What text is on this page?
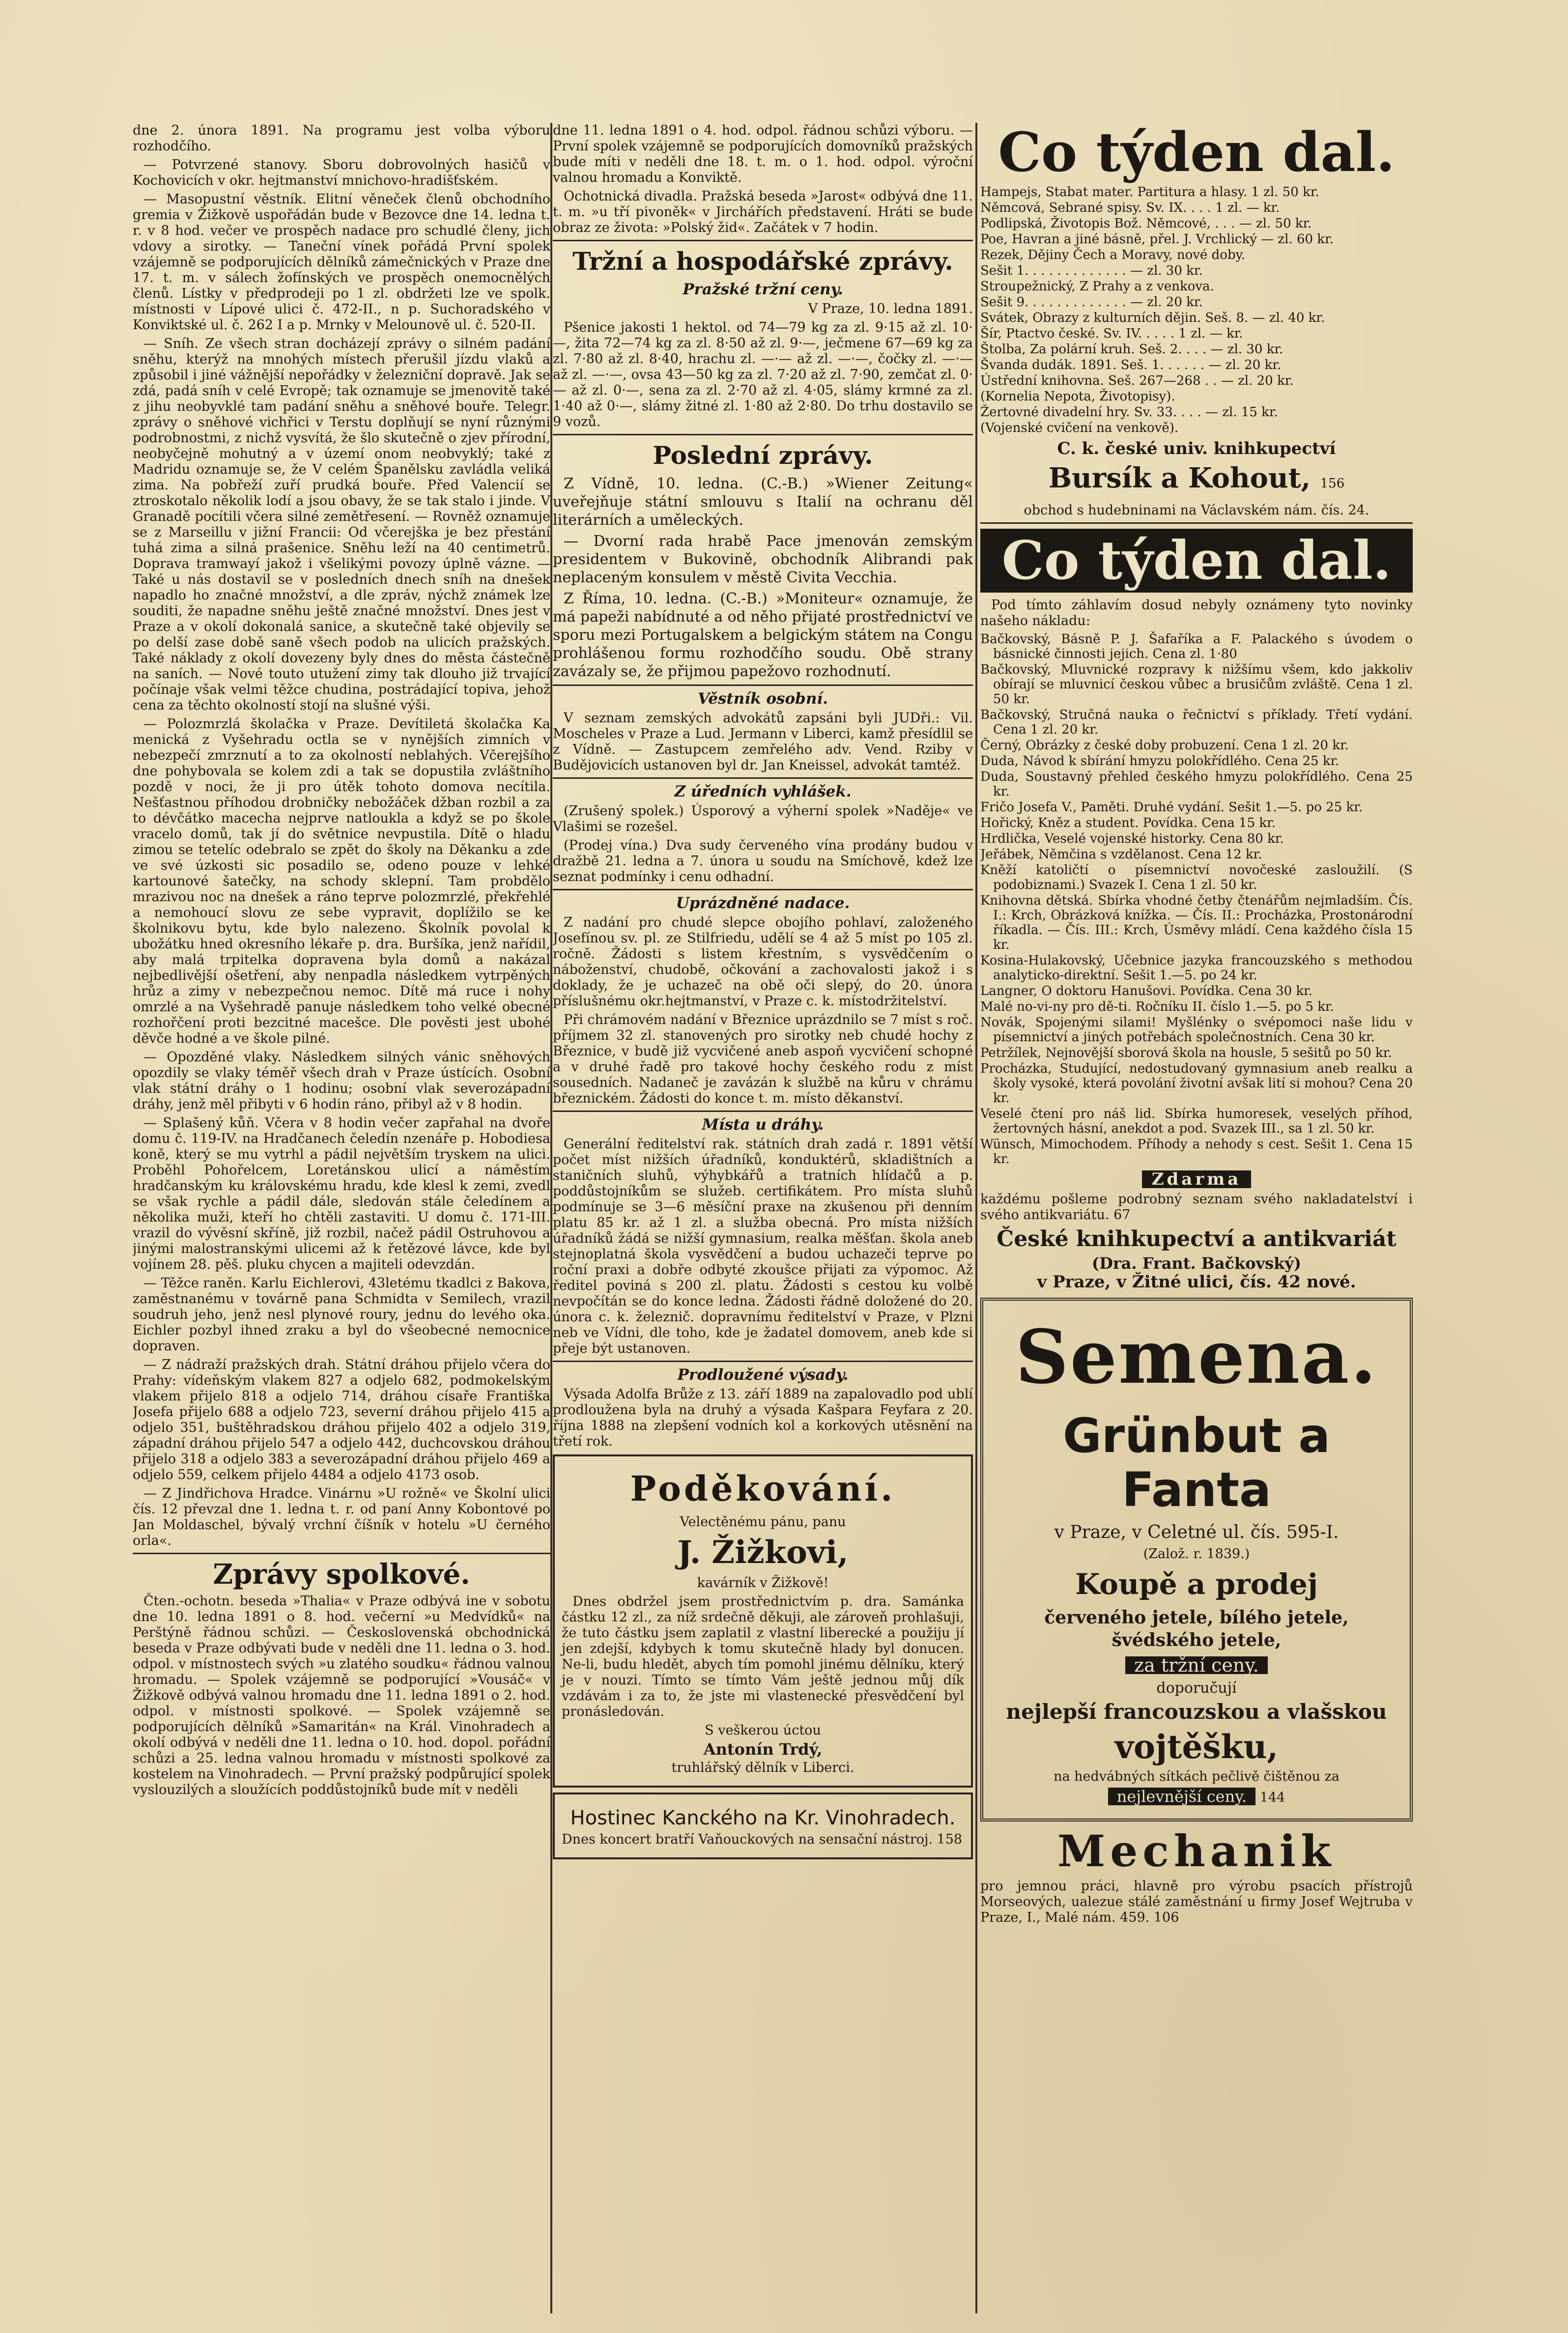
dne 2. února 1891. Na programu jest volba výboru rozhodčího.

— Potvrzené stanovy. Sboru dobrovolných hasičů v Kochovicích v okr. hejtmanství mnichovo-hradišťském.

— Masopustní věstník. Elitní věneček členů obchodního gremia v Žižkově uspořádán bude v Bezovce dne 14. ledna t. r. v 8 hod. večer ve prospěch nadace pro schudlé členy, jich vdovy a sirotky. — Taneční vínek pořádá První spolek vzájemně se podporujících dělníků zámečnických v Praze dne 17. t. m. v sálech žofínských ve prospěch onemocnělých členů. Lístky v předprodeji po 1 zl. obdržeti lze ve spolk. místnosti v Lípové ulici č. 472-II., n p. Suchoradského v Konviktské ul. č. 262 I a p. Mrnky v Melounově ul. č. 520-II.

— Sníh. Ze všech stran docházejí zprávy o silném padání sněhu, kterýž na mnohých místech přerušil jízdu vlaků a způsobil i jiné vážnější nepořádky v železniční dopravě. Jak se zdá, padá sníh v celé Evropě; tak oznamuje se jmenovitě také z jihu neobyvklé tam padání sněhu a sněhové bouře. Telegr. zprávy o sněhové vichřici v Terstu doplňují se nyní různými podrobnostmi, z nichž vysvítá, že šlo skutečně o zjev přírodní, neobyčejně mohutný a v území onom neobvyklý; také z Madridu oznamuje se, že V celém Španělsku zavládla veliká zima. Na pobřeží zuří prudká bouře. Před Valencií se ztroskotalo několik lodí a jsou obavy, že se tak stalo i jinde. V Granadě pocítili včera silné zemětřesení. — Rovněž oznamuje se z Marseillu v jižní Francii: Od včerejška je bez přestání tuhá zima a silná prašenice. Sněhu leží na 40 centimetrů. Doprava tramwayí jakož i všelikými povozy úplně vázne. — Také u nás dostavil se v posledních dnech sníh na dnešek napadlo ho značné množství, a dle zpráv, nýchž známek lze souditi, že napadne sněhu ještě značné množství. Dnes jest v Praze a v okolí dokonalá sanice, a skutečně také objevily se po delší zase době saně všech podob na ulicích pražských. Také náklady z okolí dovezeny byly dnes do města částečně na saních. — Nové touto utužení zimy tak dlouho již trvající počínaje však velmi těžce chudina, postrádající topiva, jehož cena za těchto okolností stojí na slušné výši.

— Polozmrzlá školačka v Praze. Devítiletá školačka Ka menická z Vyšehradu octla se v nynějších zimních v nebezpečí zmrznutí a to za okolností neblahých. Včerejšího dne pohybovala se kolem zdi a tak se dopustila zvláštního pozdě v noci, že ji pro útěk tohoto domova necítila. Nešťastnou příhodou drobničky nebožáček džban rozbil a za to dévčátko macecha nejprve natloukla a když se po škole vracelo domů, tak jí do světnice nevpustila. Dítě o hladu zimou se tetelíc odebralo se zpět do školy na Děkanku a zde ve své úzkosti sic posadilo se, odeno pouze v lehké kartounové šatečky, na schody sklepní. Tam probdělo mrazivou noc na dnešek a ráno teprve polozmrzlé, překřehlé a nemohoucí slovu ze sebe vypravit, doplížilo se ke školnikovu bytu, kde bylo nalezeno. Školník povolal k ubožátku hned okresního lékaře p. dra. Buršíka, jenž nařídil, aby malá trpitelka dopravena byla domů a nakázal nejbedlivější ošetření, aby nenpadla následkem vytrpěných hrůz a zimy v nebezpečnou nemoc. Dítě má ruce i nohy omrzlé a na Vyšehradě panuje následkem toho velké obecné rozhořčení proti bezcitné macešce. Dle pověsti jest ubohé děvče hodné a ve škole pilné.

— Opozděné vlaky. Následkem silných vánic sněhových opozdily se vlaky téměř všech drah v Praze ústících. Osobní vlak státní dráhy o 1 hodinu; osobní vlak severozápadní dráhy, jenž měl přibyti v 6 hodin ráno, přibyl až v 8 hodin.

— Splašený kůň. Včera v 8 hodin večer zapřahal na dvoře domu č. 119-IV. na Hradčanech čeledín nzenáře p. Hobodiesa koně, který se mu vytrhl a pádil největším tryskem na ulici. Proběhl Pohořelcem, Loretánskou ulicí a náměstím hradčanským ku královskému hradu, kde klesl k zemi, zvedl se však rychle a pádil dále, sledován stále čeledínem a několika muži, kteří ho chtěli zastaviti. U domu č. 171-III. vrazil do vývěsní skříně, již rozbil, načež pádil Ostruhovou a jinými malostranskými ulicemi až k řetězové lávce, kde byl vojínem 28. pěš. pluku chycen a majiteli odevzdán.

— Těžce raněn. Karlu Eichlerovi, 43letému tkadlci z Bakova, zaměstnanému v továrně pana Schmidta v Semilech, vrazil soudruh jeho, jenž nesl plynové roury, jednu do levého oka. Eichler pozbyl ihned zraku a byl do všeobecné nemocnice dopraven.

— Z nádraží pražských drah. Státní dráhou přijelo včera do Prahy: vídeňským vlakem 827 a odjelo 682, podmokelským vlakem přijelo 818 a odjelo 714, dráhou císaře Františka Josefa přijelo 688 a odjelo 723, severní dráhou přijelo 415 a odjelo 351, buštěhradskou dráhou přijelo 402 a odjelo 319, západní dráhou přijelo 547 a odjelo 442, duchcovskou dráhou přijelo 318 a odjelo 383 a severozápadní dráhou přijelo 469 a odjelo 559, celkem přijelo 4484 a odjelo 4173 osob.

— Z Jindřichova Hradce. Vinárnu »U rožně« ve Školní ulici čís. 12 převzal dne 1. ledna t. r. od paní Anny Kobontové po Jan Moldaschel, bývalý vrchní číšník v hotelu »U černého orla«.

Zprávy spolkové.

Čten.-ochotn. beseda »Thalia« v Praze odbývá ine v sobotu dne 10. ledna 1891 o 8. hod. večerní »u Medvídků« na Perštýně řádnou schůzi. — Československá obchodnická beseda v Praze odbývati bude v neděli dne 11. ledna o 3. hod. odpol. v místnostech svých »u zlatého soudku« řádnou valnou hromadu. — Spolek vzájemně se podporující »Vousáč« v Žižkově odbývá valnou hromadu dne 11. ledna 1891 o 2. hod. odpol. v místnosti spolkové. — Spolek vzájemně se podporujících dělníků »Samaritán« na Král. Vinohradech a okolí odbývá v neděli dne 11. ledna o 10. hod. dopol. pořádní schůzi a 25. ledna valnou hromadu v místnosti spolkové za kostelem na Vinohradech. — První pražský podpůrující spolek vyslouzilých a sloužících poddůstojníků bude mít v neděli

dne 11. ledna 1891 o 4. hod. odpol. řádnou schůzi výboru. — První spolek vzájemně se podporujících domovníků pražských bude míti v neděli dne 18. t. m. o 1. hod. odpol. výroční valnou hromadu a Konviktě.

Ochotnická divadla. Pražská beseda »Jarost« odbývá dne 11. t. m. »u tří pivoněk« v Jirchářích představení. Hráti se bude obraz ze života: »Polský žid«. Začátek v 7 hodin.

Tržní a hospodářské zprávy.
Pražské tržní ceny.

V Praze, 10. ledna 1891.

Pšenice jakosti 1 hektol. od 74—79 kg za zl. 9·15 až zl. 10·—, žita 72—74 kg za zl. 8·50 až zl. 9·—, ječmene 67—69 kg za zl. 7·80 až zl. 8·40, hrachu zl. —·— až zl. —·—, čočky zl. —·— až zl. —·—, ovsa 43—50 kg za zl. 7·20 až zl. 7·90, zemčat zl. 0·— až zl. 0·—, sena za zl. 2·70 až zl. 4·05, slámy krmné za zl. 1·40 až 0·—, slámy žitné zl. 1·80 až 2·80. Do trhu dostavilo se 9 vozů.

Poslední zprávy.

Z Vídně, 10. ledna. (C.-B.) »Wiener Zeitung« uveřejňuje státní smlouvu s Italií na ochranu děl literárních a uměleckých.

— Dvorní rada hrabě Pace jmenován zemským presidentem v Bukovině, obchodník Alibrandi pak neplaceným konsulem v městě Civita Vecchia.

Z Říma, 10. ledna. (C.-B.) »Moniteur« oznamuje, že má papeži nabídnuté a od něho přijaté prostřednictví ve sporu mezi Portugalskem a belgickým státem na Congu prohlášenou formu rozhodčího soudu. Obě strany zavázaly se, že přijmou papežovo rozhodnutí.

Věstník osobní.

V seznam zemských advokátů zapsáni byli JUDři.: Vil. Moscheles v Praze a Lud. Jermann v Liberci, kamž přesídlil se z Vídně. — Zastupcem zemřelého adv. Vend. Rziby v Budějovicích ustanoven byl dr. Jan Kneissel, advokát tamtéž.

Z úředních vyhlášek.

(Zrušený spolek.) Úsporový a výherní spolek »Naděje« ve Vlašimi se rozešel.

(Prodej vína.) Dva sudy červeného vína prodány budou v dražbě 21. ledna a 7. února u soudu na Smíchově, kdež lze seznat podmínky i cenu odhadní.

Uprázdněné nadace.

Z nadání pro chudé slepce obojího pohlaví, založeného Josefínou sv. pl. ze Stilfriedu, udělí se 4 až 5 míst po 105 zl. ročně. Žádosti s listem křestním, s vysvědčením o náboženství, chudobě, očkování a zachovalosti jakož i s doklady, že je uchazeč na obě oči slepý, do 20. února příslušnému okr.hejtmanství, v Praze c. k. místodržitelství.

Při chrámovém nadání v Březnice uprázdnilo se 7 míst s roč. příjmem 32 zl. stanovených pro sirotky neb chudé hochy z Březnice, v budě již vycvičené aneb aspoň vycvičení schopné a v druhé řadě pro takové hochy českého rodu z míst sousedních. Nadaneč je zavázán k službě na kůru v chrámu březnickém. Žádosti do konce t. m. místo děkanství.

Místa u dráhy.

Generální ředitelství rak. státních drah zadá r. 1891 větší počet míst nižších úřadníků, konduktérů, skladištních a staničních sluhů, výhybkářů a tratních hlídačů a p. poddůstojníkům se služeb. certifikátem. Pro místa sluhů podmínuje se 3—6 měsíční praxe na zkušenou při denním platu 85 kr. až 1 zl. a služba obecná. Pro místa nižších úřadníků žádá se nižší gymnasium, realka měšťan. škola aneb stejnoplatná škola vysvědčení a budou uchazeči teprve po roční praxi a dobře odbyté zkoušce přijati za výpomoc. Až ředitel poviná s 200 zl. platu. Žádosti s cestou ku volbě nevpočítán se do konce ledna. Žádosti řádně doložené do 20. února c. k. železnič. dopravnímu ředitelství v Praze, v Plzni neb ve Vídni, dle toho, kde je žadatel domovem, aneb kde si přeje být ustanoven.

Prodloužené výsady.

Výsada Adolfa Brůže z 13. září 1889 na zapalovadlo pod ublí prodloužena byla na druhý a výsada Kašpara Feyfara z 20. října 1888 na zlepšení vodních kol a korkových utěsnění na třetí rok.

Poděkování.

Velectěnému pánu, panu

J. Žižkovi,

kavárník v Žižkově!

Dnes obdržel jsem prostřednictvím p. dra. Samánka částku 12 zl., za níž srdečně děkuji, ale zároveň prohlašuji, že tuto částku jsem zaplatil z vlastní liberecké a použiju jí jen zdejší, kdybych k tomu skutečně hlady byl donucen. Ne-li, budu hledět, abych tím pomohl jinému dělníku, který je v nouzi. Tímto se tímto Vám ještě jednou můj dík vzdávám i za to, že jste mi vlastenecké přesvědčení byl pronásledován.

S veškerou úctou

Antonín Trdý,

truhlářský dělník v Liberci.

Hostinec Kanckého na Kr. Vinohradech.

Dnes koncert bratří Vaňouckových na sensační nástroj. 158

Co týden dal.

Hampejs, Stabat mater. Partitura a hlasy. 1 zl. 50 kr.

Němcová, Sebrané spisy. Sv. IX. . . . 1 zl. — kr.

Podlipská, Životopis Bož. Němcové, . . . — zl. 50 kr.

Poe, Havran a jiné básně, přel. J. Vrchlický — zl. 60 kr.

Rezek, Dějiny Čech a Moravy, nové doby.

Sešit 1. . . . . . . . . . . . . — zl. 30 kr.

Stroupežnický, Z Prahy a z venkova.

Sešit 9. . . . . . . . . . . . . — zl. 20 kr.

Svátek, Obrazy z kulturních dějin. Seš. 8. — zl. 40 kr.

Šír, Ptactvo české. Sv. IV. . . . . 1 zl. — kr.

Štolba, Za polární kruh. Seš. 2. . . . — zl. 30 kr.

Švanda dudák. 1891. Seš. 1. . . . . . — zl. 20 kr.

Ústřední knihovna. Seš. 267—268 . . — zl. 20 kr.

(Kornelia Nepota, Životopisy).

Žertovné divadelní hry. Sv. 33. . . . — zl. 15 kr.

(Vojenské cvičení na venkově).

C. k. české univ. knihkupectví

Bursík a Kohout, 156

obchod s hudebninami na Václavském nám. čís. 24.

Co týden dal.

Pod tímto záhlavím dosud nebyly oznámeny tyto novinky našeho nákladu:

Bačkovský, Básně P. J. Šafaříka a F. Palackého s úvodem o básnické činnosti jejich. Cena zl. 1·80

Bačkovský, Mluvnické rozpravy k nižšímu všem, kdo jakkoliv obírají se mluvnicí českou vůbec a brusičům zvláště. Cena 1 zl. 50 kr.

Bačkovský, Stručná nauka o řečnictví s příklady. Třetí vydání. Cena 1 zl. 20 kr.

Černý, Obrázky z české doby probuzení. Cena 1 zl. 20 kr.

Duda, Návod k sbírání hmyzu polokřídlého. Cena 25 kr.

Duda, Soustavný přehled českého hmyzu polokřídlého. Cena 25 kr.

Fričo Josefa V., Paměti. Druhé vydání. Sešit 1.—5. po 25 kr.

Hořický, Kněz a student. Povídka. Cena 15 kr.

Hrdlička, Veselé vojenské historky. Cena 80 kr.

Jeřábek, Němčina s vzdělanost. Cena 12 kr.

Kněží katoličtí o písemnictví novočeské zasloužilí. (S podobiznami.) Svazek I. Cena 1 zl. 50 kr.

Knihovna dětská. Sbírka vhodné četby čtenářům nejmladším. Čís. I.: Krch, Obrázková knížka. — Čís. II.: Procházka, Prostonárodní říkadla. — Čís. III.: Krch, Úsměvy mládí. Cena každého čísla 15 kr.

Kosina-Hulakovský, Učebnice jazyka francouzského s methodou analyticko-direktní. Sešit 1.—5. po 24 kr.

Langner, O doktoru Hanušovi. Povídka. Cena 30 kr.

Malé no-vi-ny pro dě-ti. Ročníku II. číslo 1.—5. po 5 kr.

Novák, Spojenými silami! Myšlénky o svépomoci naše lidu v písemnictví a jiných potřebách společnostních. Cena 30 kr.

Petržílek, Nejnovější sborová škola na housle, 5 sešitů po 50 kr.

Procházka, Studující, nedostudovaný gymnasium aneb realku a školy vysoké, která povolání životní avšak lití si mohou? Cena 20 kr.

Veselé čtení pro náš lid. Sbírka humoresek, veselých příhod, žertovných hásní, anekdot a pod. Svazek III., sa 1 zl. 50 kr.

Wünsch, Mimochodem. Příhody a nehody s cest. Sešit 1. Cena 15 kr.

Zdarma

každému pošleme podrobný seznam svého nakladatelství i svého antikvariátu. 67

České knihkupectví a antikvariát

(Dra. Frant. Bačkovský)

v Praze, v Žitné ulici, čís. 42 nové.

Semena.
Grünbut a Fanta

v Praze, v Celetné ul. čís. 595-I.

(Založ. r. 1839.)

Koupě a prodej

červeného jetele, bílého jetele, švédského jetele,

za tržní ceny.

doporučují

nejlepší francouzskou a vlašskou

vojtěšku,

na hedvábných sítkách pečlivě čištěnou za

nejlevnější ceny. 144

Mechanik

pro jemnou práci, hlavně pro výrobu psacích přístrojů Morseových, ualezue stálé zaměstnání u firmy Josef Wejtruba v Praze, I., Malé nám. 459. 106
